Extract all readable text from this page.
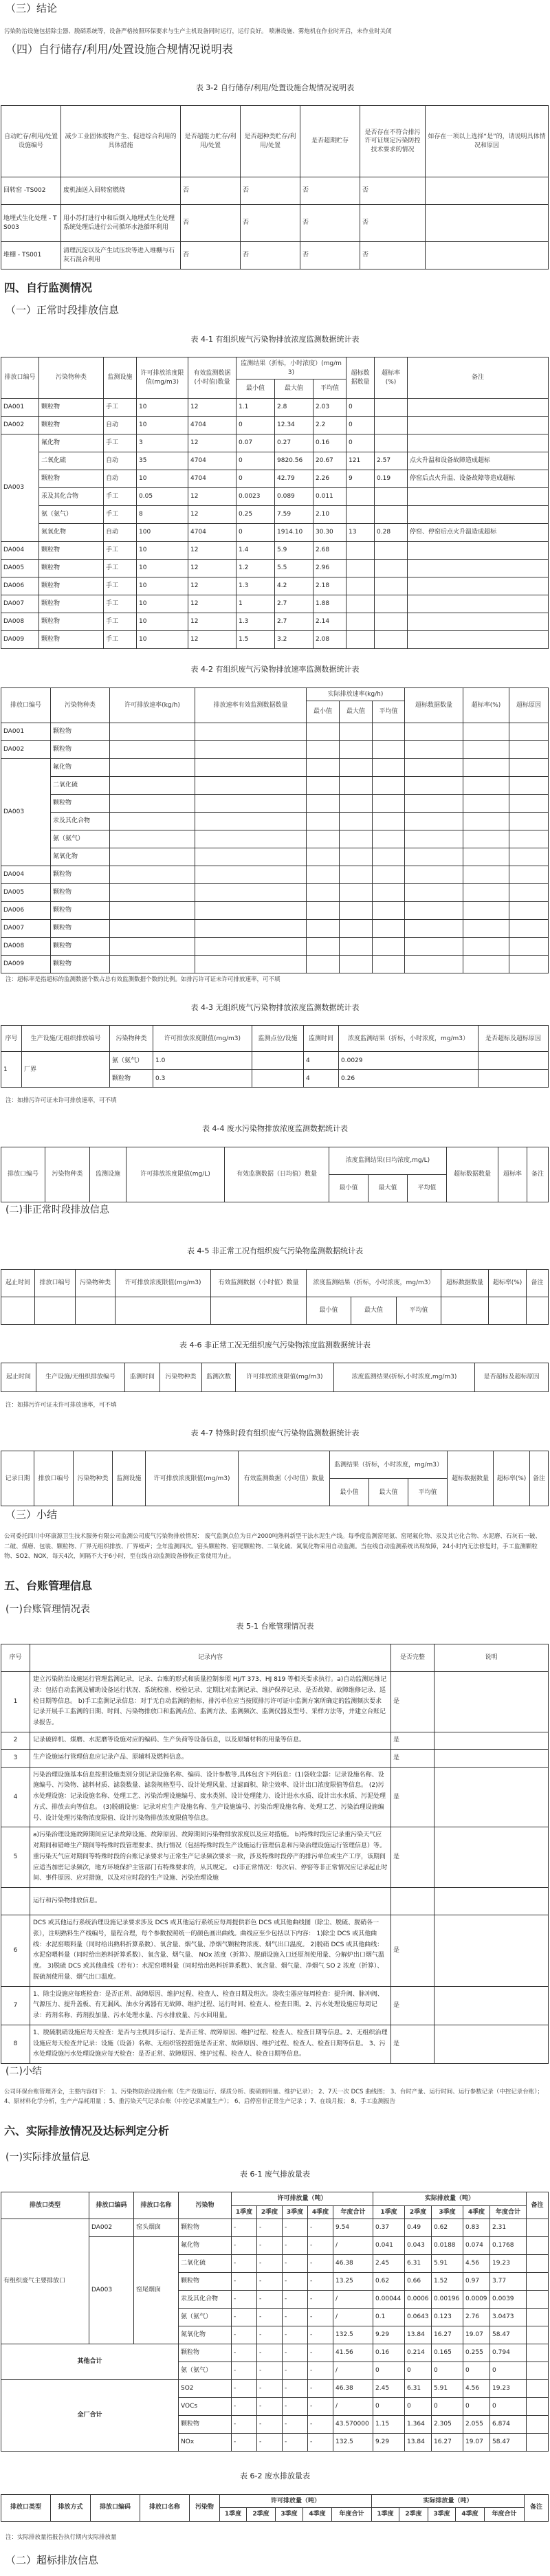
（三）结论
污染防治设施包括除尘器、脱硝系统等，设备严格按照环保要求与生产主机设备同时运行，运行良好。 喷淋设施、雾炮机在作业时开启，未作业时关闭
（四）自行储存/利用/处置设施合规情况说明表
表 3-2 自行储存/利用/处置设施合规情况说明表
自动贮存/利用/处置设施编号	减少工业固体废物产生、促进综合利用的具体措施	是否超能力贮存/利用/处置	是否超种类贮存/利用/处置	是否超期贮存	是否存在不符合排污许可证规定污染防控技术要求的情况	如存在一项以上选择“是”的，请说明具体情况和原因
回转窑 -TS002	废机油送入回转窑燃烧	否	否	否	否	
地埋式生化处理 - TS003	用小苏打进行中和后倒入地埋式生化处理系统处理后进行公司循环水池循环利用	否	否	否	否	
堆棚 - TS001	清理沉淀以及产生试压块等进入堆棚与石灰石混合利用	否	否	否	否	
四、自行监测情况
（一）正常时段排放信息
表 4-1 有组织废气污染物排放浓度监测数据统计表
排放口编号	污染物种类	监测设施	许可排放浓度限值(mg/m3)	有效监测数据(小时值)数量	监测结果（折标，小时浓度）(mg/m3)			超标数据数量	超标率(%)	备注
					最小值	最大值	平均值			
DA001	颗粒物	手工	10	12	1.1	2.8	2.03	0		
DA002	颗粒物	自动	10	4704	0	12.34	2.2	0		
DA003	氟化物	手工	3	12	0.07	0.27	0.16	0		
	二氧化硫	自动	35	4704	0	9820.56	20.67	121	2.57	点火升温和设备故障造成超标
	颗粒物	自动	10	4704	0	42.79	2.26	9	0.19	停窑后点火升温、设备故障等造成超标
	汞及其化合物	手工	0.05	12	0.0023	0.089	0.011			
	氨（氨气）	手工	8	12	0.25	7.59	2.10			
	氮氧化物	自动	100	4704	0	1914.10	30.30	13	0.28	停窑、停窑后点火升温造成超标
DA004	颗粒物	手工	10	12	1.4	5.9	2.68			
DA005	颗粒物	手工	10	12	1.2	5.5	2.96			
DA006	颗粒物	手工	10	12	1.3	4.2	2.18			
DA007	颗粒物	手工	10	12	1	2.7	1.88			
DA008	颗粒物	手工	10	12	1.3	2.7	2.14			
DA009	颗粒物	手工	10	12	1.5	3.2	2.08			
表 4-2 有组织废气污染物排放速率监测数据统计表
排放口编号	污染物种类	许可排放速率(kg/h)	排放速率有效监测数据数量	实际排放速率(kg/h)			超标数据数量	超标率(%)	超标原因
				最小值	最大值	平均值			
DA001	颗粒物								
DA002	颗粒物								
DA003	氟化物								
	二氧化硫								
	颗粒物								
	汞及其化合物								
	氨（氨气）								
	氮氧化物								
DA004	颗粒物								
DA005	颗粒物								
DA006	颗粒物								
DA007	颗粒物								
DA008	颗粒物								
DA009	颗粒物								
注：超标率是指超标的监测数据个数占总有效监测数据个数的比例。如排污许可证未许可排放速率，可不填
表 4-3 无组织废气污染物排放浓度监测数据统计表
序号	生产设施/无组织排放编号	污染物种类	许可排放浓度限值(mg/m3)	监测点位/设施	监测时间	浓度监测结果（折标，小时浓度，mg/m3）	是否超标及超标原因
1	厂界	氨（氨气）	1.0		4	0.0029	
		颗粒物	0.3		4	0.26	
注：如排污许可证未许可排放速率，可不填
表 4-4 废水污染物排放浓度监测数据统计表
排放口编号	污染物种类	监测设施	许可排放浓度限值(mg/L)	有效监测数据（日均值）数量	浓度监测结果(日均浓度,mg/L)			超标数据数量	超标率	备注
					最小值	最大值	平均值			
(二)非正常时段排放信息
表 4-5 非正常工况有组织废气污染物监测数据统计表
起止时间	排放口编号	污染物种类	许可排放浓度限值(mg/m3)	有效监测数据（小时值）数量	浓度监测结果（折标，小时浓度，mg/m3）			超标数据数量	超标率(%)	备注
					最小值	最大值	平均值			
表 4-6 非正常工况无组织废气污染物浓度监测数据统计表
起止时间	生产设施/无组织排放编号	监测时间	污染物种类	监测次数	许可排放浓度限值(mg/m3)	浓度监测结果(折标,小时浓度,mg/m3)	是否超标及超标原因
注：如排污许可证未许可排放速率，可不填
表 4-7 特殊时段有组织废气污染物监测数据统计表
记录日期	排放口编号	污染物种类	监测设施	许可排放浓度限值(mg/m3)	有效监测数据（小时值）数量	监测结果（折标，小时浓度，mg/m3）			超标数据数量	超标率(%)	备注
						最小值	最大值	平均值			
（三）小结
公司委托四川中环康源卫生技术服务有限公司监测公司废气污染物排放情况： 废气监测点位为日产2000吨熟料新型干法水泥生产线。每季度监测窑尾氨、窑尾氟化物、汞及其它化合物、水泥磨、石灰石一破、二破、煤磨、包装、颗粒物、厂界无组织排放、厂界噪声；全年监测四次。窑头颗粒物、窑尾颗粒物、二氧化硫、氮氧化物采用自动监测。当在线自动监测系统出现故障，24小时内无法修复时，手工监测颗粒物、SO2、NOX，每天4次，间隔不大于6小时，至在线自动监测设备修恢正常使用为止。
五、台账管理信息
(一)台账管理情况表
表 5-1 台账管理情况表
序号	记录内容	是否完整	说明
1	建立污染防治设施运行管理监测记录，记录、台账的形式和质量控制参照 HJ/T 373、HJ 819 等相关要求执行。a)自动监测运维记录：包括自动监测及辅助设备运行状况、系统校准、校验记录、定期比对监测记录、维护保养记录、是否故障、故障维修记录、巡检日期等信息。 b)手工监测记录信息：对于无自动监测的指标，排污单位应当按照排污许可证中监测方案所确定的监测频次要求记录开展手工监测的日期、时间、污染物排放口和监测点位、监测方法、监测频次、监测仪器及型号、采样方法等，并建立台账记录报告。	是	
2	记录破碎机、煤磨、水泥磨等设施对应的编码、生产负荷等设备信息，以及原辅材料的用量等信息。	是	
3	生产设施运行管理信息应记录产品、原辅料及燃料信息。	是	
4	污染治理设施基本信息按照设施类别分别记录设施名称、编码、设计参数等,具体包含下列信息：(1)袋收尘器：记录设施名称、设施编号、污染物、滤料材质、滤袋数量、滤袋规格型号、设计处理风量、过滤面积、除尘效率、设计出口浓度限值等信息。 (2)污水处理设施：记录设施名称、处理工艺、污染治理设施编号、废水类别、设计处理能力、设计进水水质、设计出水水质、污泥处理方式、排放去向等信息。 (3)脱硝设施：记录对应生产设施名称、生产设施编号、污染治理设施名称、处理工艺、污染治理设施编号、设计处理污染物浓度限值、设计污染物排放浓度限值等信息。	是	
5	a)污染治理设施故障期间应记录故障设施、故障原因、故障期间污染物排放浓度以及应对措施。 b)特殊时段应记录重污染天气应对期间和错峰生产期间等特殊时段管理要求、执行情况（包括特殊时段生产设施运行管理信息和污染治理设施运行管理信息）等。重污染天气应对期间等特殊时段的台账记录要求与正常生产记录频次要求一致，涉及特殊时段停产的排污单位或生产工序，该期间应适当加密记录频次，地方环境保护主管部门有特殊要求的，从其规定。 c)非正常情况：每次启、停窑等非正常情况应记录起止时间、事件原因、应对措施，以及对应时段的生产设施、污染治理设施	是	
	运行和污染物排放信息。		
6	DCS 或其他运行系统治理设施记录要求涉及 DCS 或其他运行系统应每周提供彩色 DCS 或其他曲线图（除尘、脱硫、脱硝各一张），注明熟料生产线编号，量程合理，每个参数按照统一的颜色画出曲线。曲线应至少包括以下内容： 1)除尘 DCS 或其他曲线：水泥窑喂料量（同时给出熟料折算系数）、氧含量、烟气量、净烟气颗粒物浓度、烟气出口温度。 2)脱硝 DCS 或其他曲线：水泥窑喂料量（同时给出熟料折算系数）、氧含量、烟气量、 NOx 浓度（折算）、脱硝设施入口还原剂使用量、分解炉出口烟气温度。 3)脱硫 DCS 或其他曲线（若有）：水泥窑喂料量（同时给出熟料折算系数）、氧含量、烟气量、净烟气 SO 2 浓度（折算）、脱硫剂使用量、烟气出口温度。	是	
7	1、除尘设施应每班检查：是否正常、故障原因、维护过程、检查人、检查日期及班次。袋收尘器应每周检查：提升阀、脉冲阀、气源压力、提升盖板、有无漏风、油水分离器有无故障、维护过程、运行时间、检查人、检查日期。2、污水处理设施应每周记录：药剂名称、药剂投加量、污水处理水量、污水排放量、污水回用量。	是	
8	1、脱硫脱硝设施应每天检查：是否与主机同步运行、是否正常、故障原因、维护过程、检查人、检查日期等信息。2、无组织治理设施应每天检查并记录：设施（设备）名称、无组织管控措施是否正常、故障原因、维护过程、检查人、检查日期等信息。 3、污水处理设施污水处理设施应每天检查：是否正常、故障原因、维护过程、检查人、检查日期等信息。	是	
(二)小结
公司环保台账管理齐全，主要内容如下： 1、污染物防治设施台账（生产设施运行、煤质分析、脱硝剂用量、维护记录）； 2、7天一次 DCS 曲线图； 3、台时产量、运行时间、运行参数记录（中控记录台账）；4、原材料化学分析，生产产品耗用量 ；5、重污染天气记录台账（中控记录减量生产）； 6、启停窑非正常生产记录 ；7、在线月报； 8、手工监测报告
六、实际排放情况及达标判定分析
(一)实际排放量信息
表 6-1 废气排放量表
排放口类型	排放口编码	排放口名称	污染物	许可排放量（吨）					实际排放量（吨）					备注
				1季度	2季度	3季度	4季度	年度合计	1季度	2季度	3季度	4季度	年度合计	
有组织废气主要排放口	DA002	窑头烟囱	颗粒物	-	-	-	-	9.54	0.37	0.49	0.62	0.83	2.31	
	DA003	窑尾烟囱	氟化物	-	-	-	-	/	0.041	0.043	0.0188	0.074	0.1768	
			二氧化硫	-	-	-	-	46.38	2.45	6.31	5.91	4.56	19.23	
			颗粒物	-	-	-	-	13.25	0.62	0.66	1.52	0.97	3.77	
			汞及其化合物	-	-	-	-	/	0.00044	0.0006	0.00196	0.0009	0.0039	
			氨（氨气）	-	-	-	-	/	0.1	0.0643	0.123	2.76	3.0473	
			氮氧化物	-	-	-	-	132.5	9.29	13.84	16.27	19.07	58.47	
其他合计			颗粒物	-	-	-	-	41.56	0.16	0.214	0.165	0.255	0.794	
			氨（氨气）	-	-	-	-	/	0	0	0	0	0	
全厂合计			SO2	-	-	-	-	46.38	2.45	6.31	5.91	4.56	19.23	
			VOCs	-	-	-	-	/	0	0	0	0	0	
			颗粒物	-	-	-	-	43.570000	1.15	1.364	2.305	2.055	6.874	
			NOx	-	-	-	-	132.5	9.29	13.84	16.27	19.07	58.47	
表 6-2 废水排放量表
排放口类型	排放方式	排放口编码	排放口名称	污染物	许可排放量（吨）					实际排放量（吨）					备注
					1季度	2季度	3季度	4季度	年度合计	1季度	2季度	3季度	4季度	年度合计	
注：实际排放量指报告执行期内实际排放量
（二）超标排放信息
